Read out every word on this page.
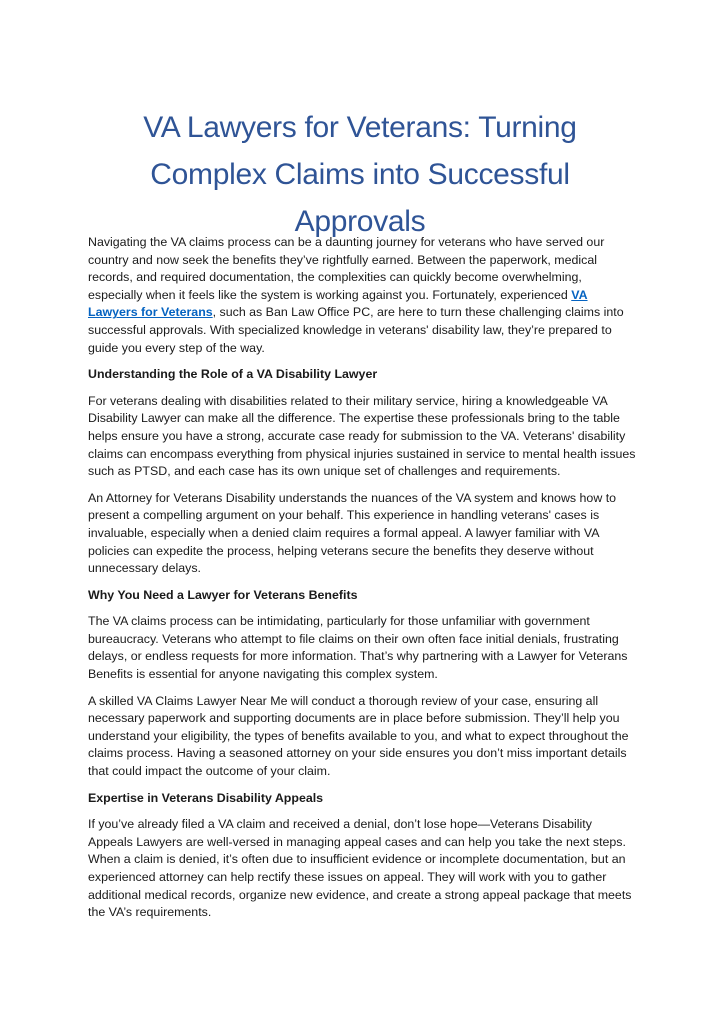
VA Lawyers for Veterans: Turning Complex Claims into Successful Approvals

Navigating the VA claims process can be a daunting journey for veterans who have served our country and now seek the benefits they’ve rightfully earned. Between the paperwork, medical records, and required documentation, the complexities can quickly become overwhelming, especially when it feels like the system is working against you. Fortunately, experienced VA Lawyers for Veterans, such as Ban Law Office PC, are here to turn these challenging claims into successful approvals. With specialized knowledge in veterans' disability law, they’re prepared to guide you every step of the way.

Understanding the Role of a VA Disability Lawyer

For veterans dealing with disabilities related to their military service, hiring a knowledgeable VA Disability Lawyer can make all the difference. The expertise these professionals bring to the table helps ensure you have a strong, accurate case ready for submission to the VA. Veterans' disability claims can encompass everything from physical injuries sustained in service to mental health issues such as PTSD, and each case has its own unique set of challenges and requirements.

An Attorney for Veterans Disability understands the nuances of the VA system and knows how to present a compelling argument on your behalf. This experience in handling veterans' cases is invaluable, especially when a denied claim requires a formal appeal. A lawyer familiar with VA policies can expedite the process, helping veterans secure the benefits they deserve without unnecessary delays.

Why You Need a Lawyer for Veterans Benefits

The VA claims process can be intimidating, particularly for those unfamiliar with government bureaucracy. Veterans who attempt to file claims on their own often face initial denials, frustrating delays, or endless requests for more information. That’s why partnering with a Lawyer for Veterans Benefits is essential for anyone navigating this complex system.

A skilled VA Claims Lawyer Near Me will conduct a thorough review of your case, ensuring all necessary paperwork and supporting documents are in place before submission. They’ll help you understand your eligibility, the types of benefits available to you, and what to expect throughout the claims process. Having a seasoned attorney on your side ensures you don’t miss important details that could impact the outcome of your claim.

Expertise in Veterans Disability Appeals

If you’ve already filed a VA claim and received a denial, don’t lose hope—Veterans Disability Appeals Lawyers are well-versed in managing appeal cases and can help you take the next steps. When a claim is denied, it’s often due to insufficient evidence or incomplete documentation, but an experienced attorney can help rectify these issues on appeal. They will work with you to gather additional medical records, organize new evidence, and create a strong appeal package that meets the VA’s requirements.
